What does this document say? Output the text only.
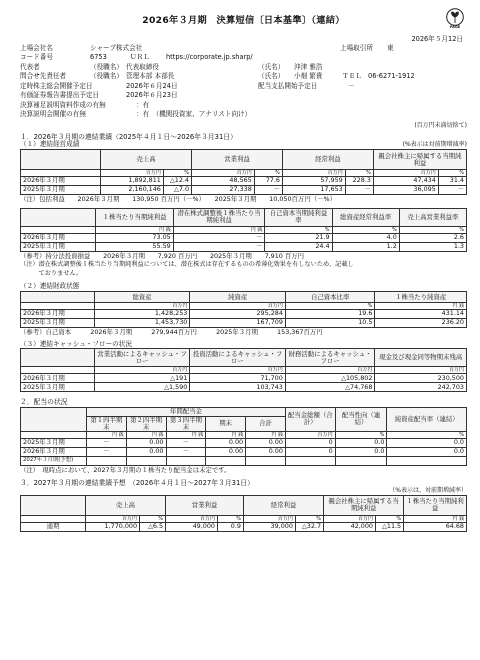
PAGE
2026年３月期　決算短信〔日本基準〕（連結）
2026年５月12日
上場会社名	シャープ株式会社	上場取引所 東
コード番号	6753	ＵＲＬ	https://corporate.jp.sharp/
代表者	（役職名） 代表取締役	（氏名）	沖津 雅浩
問合せ先責任者	（役職名） 管理本部 本部長	（氏名）	小畑 繁貴	ＴＥＬ 06-6271-1912
定時株主総会開催予定日	2026年６月24日	配当支払開始予定日	－
有価証券報告書提出予定日	2026年６月23日
決算補足説明資料作成の有無	：有
決算説明会開催の有無	：有　（機関投資家、アナリスト向け）
(百万円未満切捨て)
１．2026年３月期の連結業績（2025年４月１日～2026年３月31日）
（１）連結経営成績	(%表示は対前期増減率)
	売上高		営業利益		経常利益		親会社株主に帰属する当期純利益	
	百万円	%	百万円	%	百万円	%	百万円	%
2026年３月期	1,892,811	△12.4	48,565	77.6	57,959	228.3	47,434	31.4
2025年３月期	2,160,146	△7.0	27,338	－	17,653	－	36,095	－
（注）包括利益　　2026年３月期　　130,950 百万円（－%）　　2025年３月期　　10,050百万円（－%）
	１株当たり当期純利益	潜在株式調整後１株当たり当期純利益	自己資本当期純利益率	総資産経常利益率	売上高営業利益率
	円 銭	円 銭	%	%	%
2026年３月期	73.05	－	21.9	4.0	2.6
2025年３月期	55.59	－	24.4	1.2	1.3
（参考）持分法投資損益　　2026年３月期　　7,920 百万円　　2025年３月期　　7,910 百万円
（注）潜在株式調整後１株当たり当期純利益については、潜在株式は存在するものの希薄化効果を有しないため、記載し
　　　ておりません。
（２）連結財政状態
	総資産	純資産	自己資本比率	１株当たり純資産
	百万円	百万円	%	円 銭
2026年３月期	1,428,253	295,284	19.6	431.14
2025年３月期	1,453,730	167,709	10.5	236.20
（参考）自己資本　　　2026年３月期　　　279,944百万円　　　2025年３月期　　　153,367百万円
（３）連結キャッシュ・フローの状況
	営業活動によるキャッシュ・フロー	投資活動によるキャッシュ・フロー	財務活動によるキャッシュ・フロー	現金及び現金同等物期末残高
	百万円	百万円	百万円	百万円
2026年３月期	△191	71,700	△105,802	230,500
2025年３月期	△1,590	103,743	△74,768	242,703
２．配当の状況
	年間配当金					配当金総額（合計）	配当性向（連結）	純資産配当率（連結）
	第１四半期末	第２四半期末	第３四半期末	期末	合計			
	円 銭	円 銭	円 銭	円 銭	円 銭	百万円	%	%
2025年３月期	－	0.00	－	0.00	0.00	0	0.0	0.0
2026年３月期	－	0.00	－	0.00	0.00	0	0.0	0.0
2027年３月期(予想)								
（注）　現時点において、2027年３月期の１株当たり配当金は未定です。
３．2027年３月期の連結業績予想　（2026年４月１日～2027年３月31日）
（%表示は、対前期増減率）
	売上高		営業利益		経常利益		親会社株主に帰属する当期純利益		１株当たり当期純利益
	百万円	%	百万円	%	百万円	%	百万円	%	円 銭
通期	1,770,000	△6.5	49,000	0.9	39,000	△32.7	42,000	△11.5	64.68
